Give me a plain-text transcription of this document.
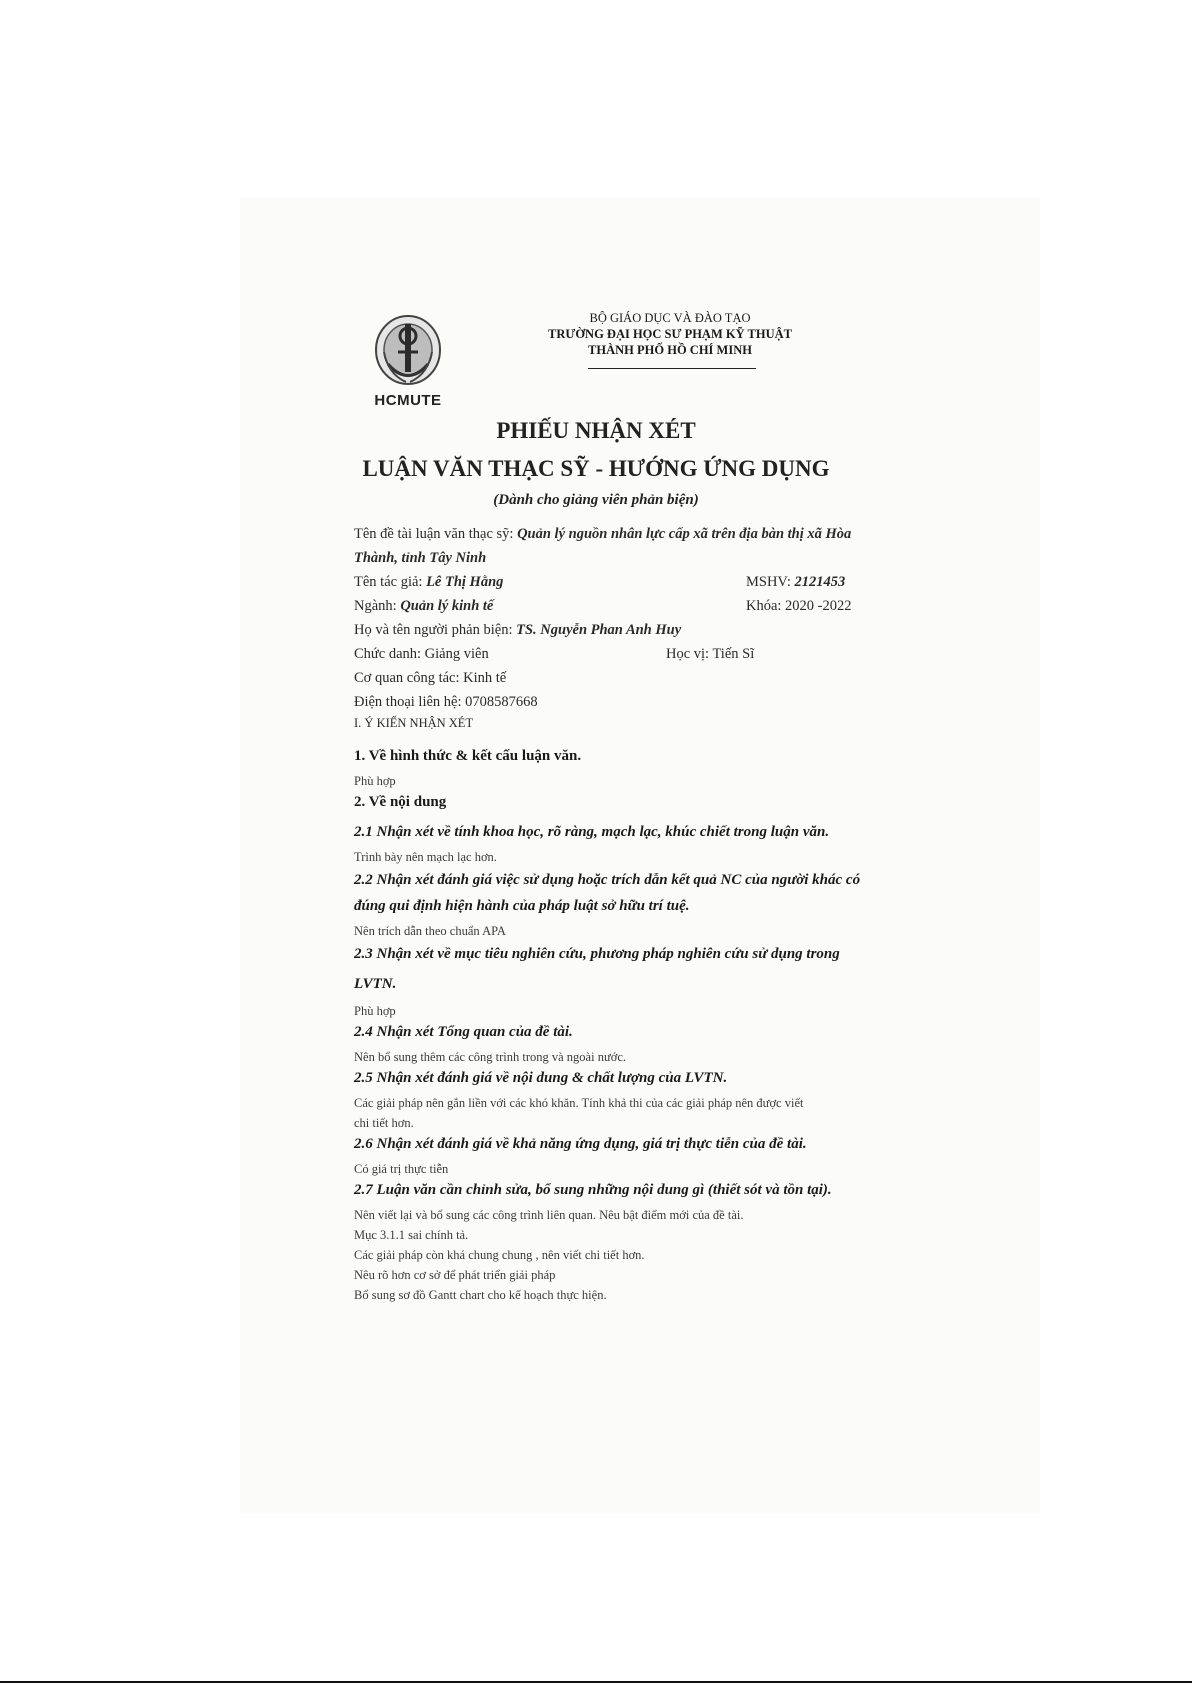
HCMUTE
BỘ GIÁO DỤC VÀ ĐÀO TẠO
TRƯỜNG ĐẠI HỌC SƯ PHẠM KỸ THUẬT
THÀNH PHỐ HỒ CHÍ MINH
PHIẾU NHẬN XÉT
LUẬN VĂN THẠC SỸ - HƯỚNG ỨNG DỤNG
(Dành cho giảng viên phản biện)
Tên đề tài luận văn thạc sỹ: Quản lý nguồn nhân lực cấp xã trên địa bàn thị xã Hòa
Thành, tỉnh Tây Ninh
Tên tác giả: Lê Thị Hằng	MSHV: 2121453
Ngành: Quản lý kinh tế	Khóa: 2020 -2022
Họ và tên người phản biện: TS. Nguyễn Phan Anh Huy
Chức danh: Giảng viên	Học vị: Tiến Sĩ
Cơ quan công tác: Kinh tế
Điện thoại liên hệ: 0708587668
I. Ý KIẾN NHẬN XÉT
1. Về hình thức & kết cấu luận văn.
Phù hợp
2. Về nội dung
2.1 Nhận xét về tính khoa học, rõ ràng, mạch lạc, khúc chiết trong luận văn.
Trình bày nên mạch lạc hơn.
2.2 Nhận xét đánh giá việc sử dụng hoặc trích dẫn kết quả NC của người khác có
đúng qui định hiện hành của pháp luật sở hữu trí tuệ.
Nên trích dẫn theo chuẩn APA
2.3 Nhận xét về mục tiêu nghiên cứu, phương pháp nghiên cứu sử dụng trong
LVTN.
Phù hợp
2.4 Nhận xét Tổng quan của đề tài.
Nên bổ sung thêm các công trình trong và ngoài nước.
2.5 Nhận xét đánh giá về nội dung & chất lượng của LVTN.
Các giải pháp nên gắn liền với các khó khăn. Tính khả thi của các giải pháp nên được viết
chi tiết hơn.
2.6 Nhận xét đánh giá về khả năng ứng dụng, giá trị thực tiễn của đề tài.
Có giá trị thực tiễn
2.7 Luận văn cần chỉnh sửa, bổ sung những nội dung gì (thiết sót và tồn tại).
Nên viết lại và bổ sung các công trình liên quan. Nêu bật điểm mới của đề tài.
Mục 3.1.1 sai chính tả.
Các giải pháp còn khá chung chung , nên viết chi tiết hơn.
Nêu rõ hơn cơ sở để phát triển giải pháp
Bổ sung sơ đồ Gantt chart cho kế hoạch thực hiện.
